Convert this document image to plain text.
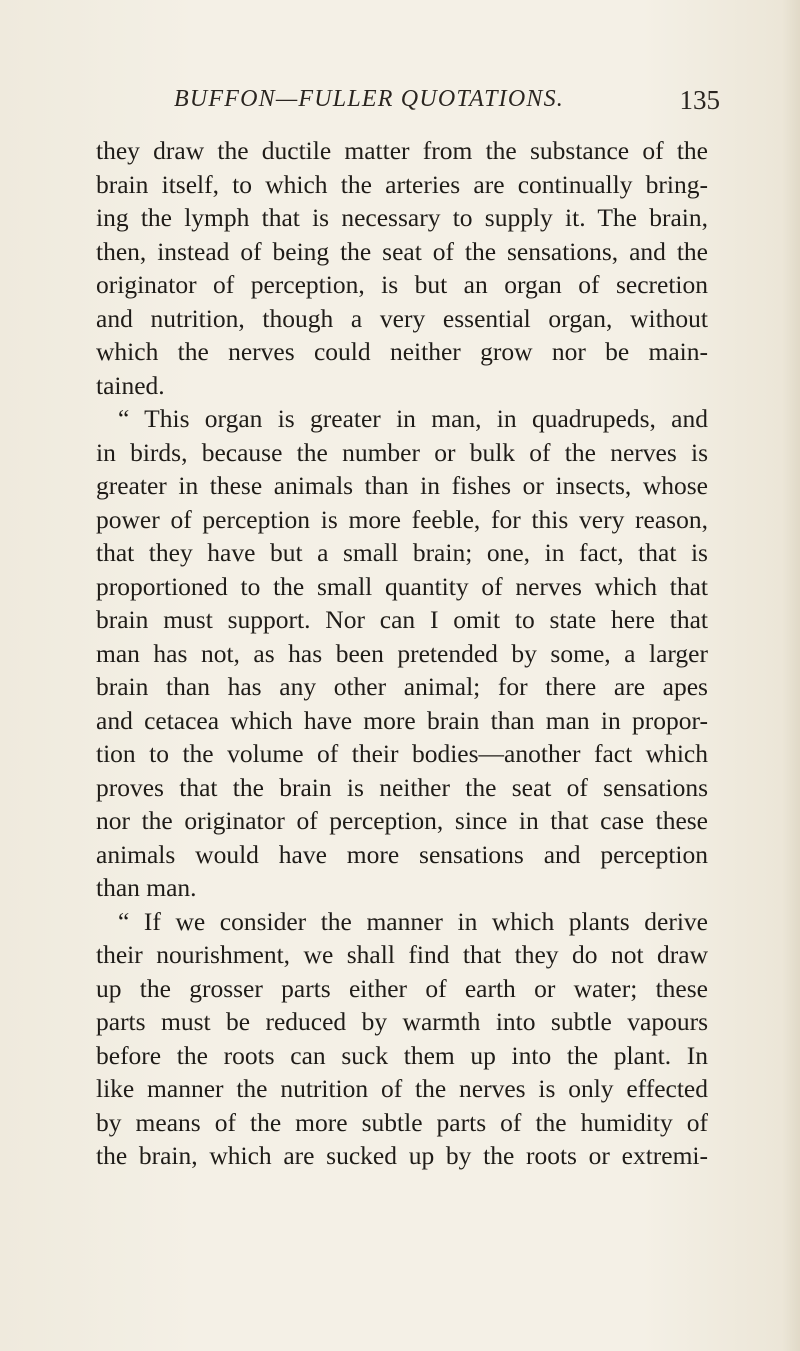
BUFFON—FULLER QUOTATIONS.	135
they draw the ductile matter from the substance of the
brain itself, to which the arteries are continually bring-
ing the lymph that is necessary to supply it. The brain,
then, instead of being the seat of the sensations, and the
originator of perception, is but an organ of secretion
and nutrition, though a very essential organ, without
which the nerves could neither grow nor be main-
tained.
“ This organ is greater in man, in quadrupeds, and
in birds, because the number or bulk of the nerves is
greater in these animals than in fishes or insects, whose
power of perception is more feeble, for this very reason,
that they have but a small brain; one, in fact, that is
proportioned to the small quantity of nerves which that
brain must support. Nor can I omit to state here that
man has not, as has been pretended by some, a larger
brain than has any other animal; for there are apes
and cetacea which have more brain than man in propor-
tion to the volume of their bodies—another fact which
proves that the brain is neither the seat of sensations
nor the originator of perception, since in that case these
animals would have more sensations and perception
than man.
“ If we consider the manner in which plants derive
their nourishment, we shall find that they do not draw
up the grosser parts either of earth or water; these
parts must be reduced by warmth into subtle vapours
before the roots can suck them up into the plant. In
like manner the nutrition of the nerves is only effected
by means of the more subtle parts of the humidity of
the brain, which are sucked up by the roots or extremi-
